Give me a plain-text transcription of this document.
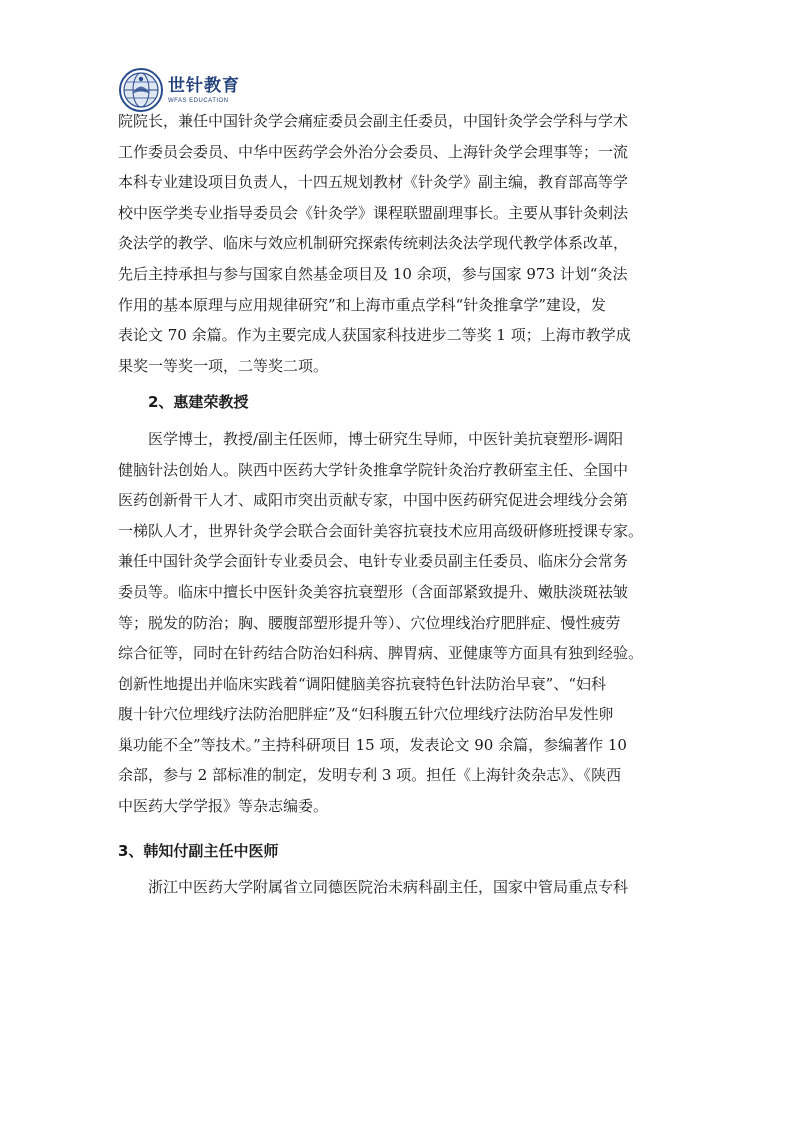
世针教育
WFAS EDUCATION
院院长，兼任中国针灸学会痛症委员会副主任委员，中国针灸学会学科与学术
工作委员会委员、中华中医药学会外治分会委员、上海针灸学会理事等；一流
本科专业建设项目负责人，十四五规划教材《针灸学》副主编，教育部高等学
校中医学类专业指导委员会《针灸学》课程联盟副理事长。主要从事针灸刺法
灸法学的教学、临床与效应机制研究探索传统刺法灸法学现代教学体系改革，
先后主持承担与参与国家自然基金项目及 10 余项，参与国家 973 计划“灸法
作用的基本原理与应用规律研究”和上海市重点学科“针灸推拿学”建设，发
表论文 70 余篇。作为主要完成人获国家科技进步二等奖 1 项；上海市教学成
果奖一等奖一项，二等奖二项。
2、惠建荣教授
医学博士，教授/副主任医师，博士研究生导师，中医针美抗衰塑形-调阳
健脑针法创始人。陕西中医药大学针灸推拿学院针灸治疗教研室主任、全国中
医药创新骨干人才、咸阳市突出贡献专家，中国中医药研究促进会埋线分会第
一梯队人才，世界针灸学会联合会面针美容抗衰技术应用高级研修班授课专家。
兼任中国针灸学会面针专业委员会、电针专业委员副主任委员、临床分会常务
委员等。临床中擅长中医针灸美容抗衰塑形（含面部紧致提升、嫩肤淡斑祛皱
等；脱发的防治；胸、腰腹部塑形提升等）、穴位埋线治疗肥胖症、慢性疲劳
综合征等，同时在针药结合防治妇科病、脾胃病、亚健康等方面具有独到经验。
创新性地提出并临床实践着“调阳健脑美容抗衰特色针法防治早衰”、“妇科
腹十针穴位埋线疗法防治肥胖症”及“妇科腹五针穴位埋线疗法防治早发性卵
巢功能不全”等技术。”主持科研项目 15 项，发表论文 90 余篇，参编著作 10
余部，参与 2 部标准的制定，发明专利 3 项。担任《上海针灸杂志》、《陕西
中医药大学学报》等杂志编委。
3、韩知付副主任中医师
浙江中医药大学附属省立同德医院治未病科副主任，国家中管局重点专科
